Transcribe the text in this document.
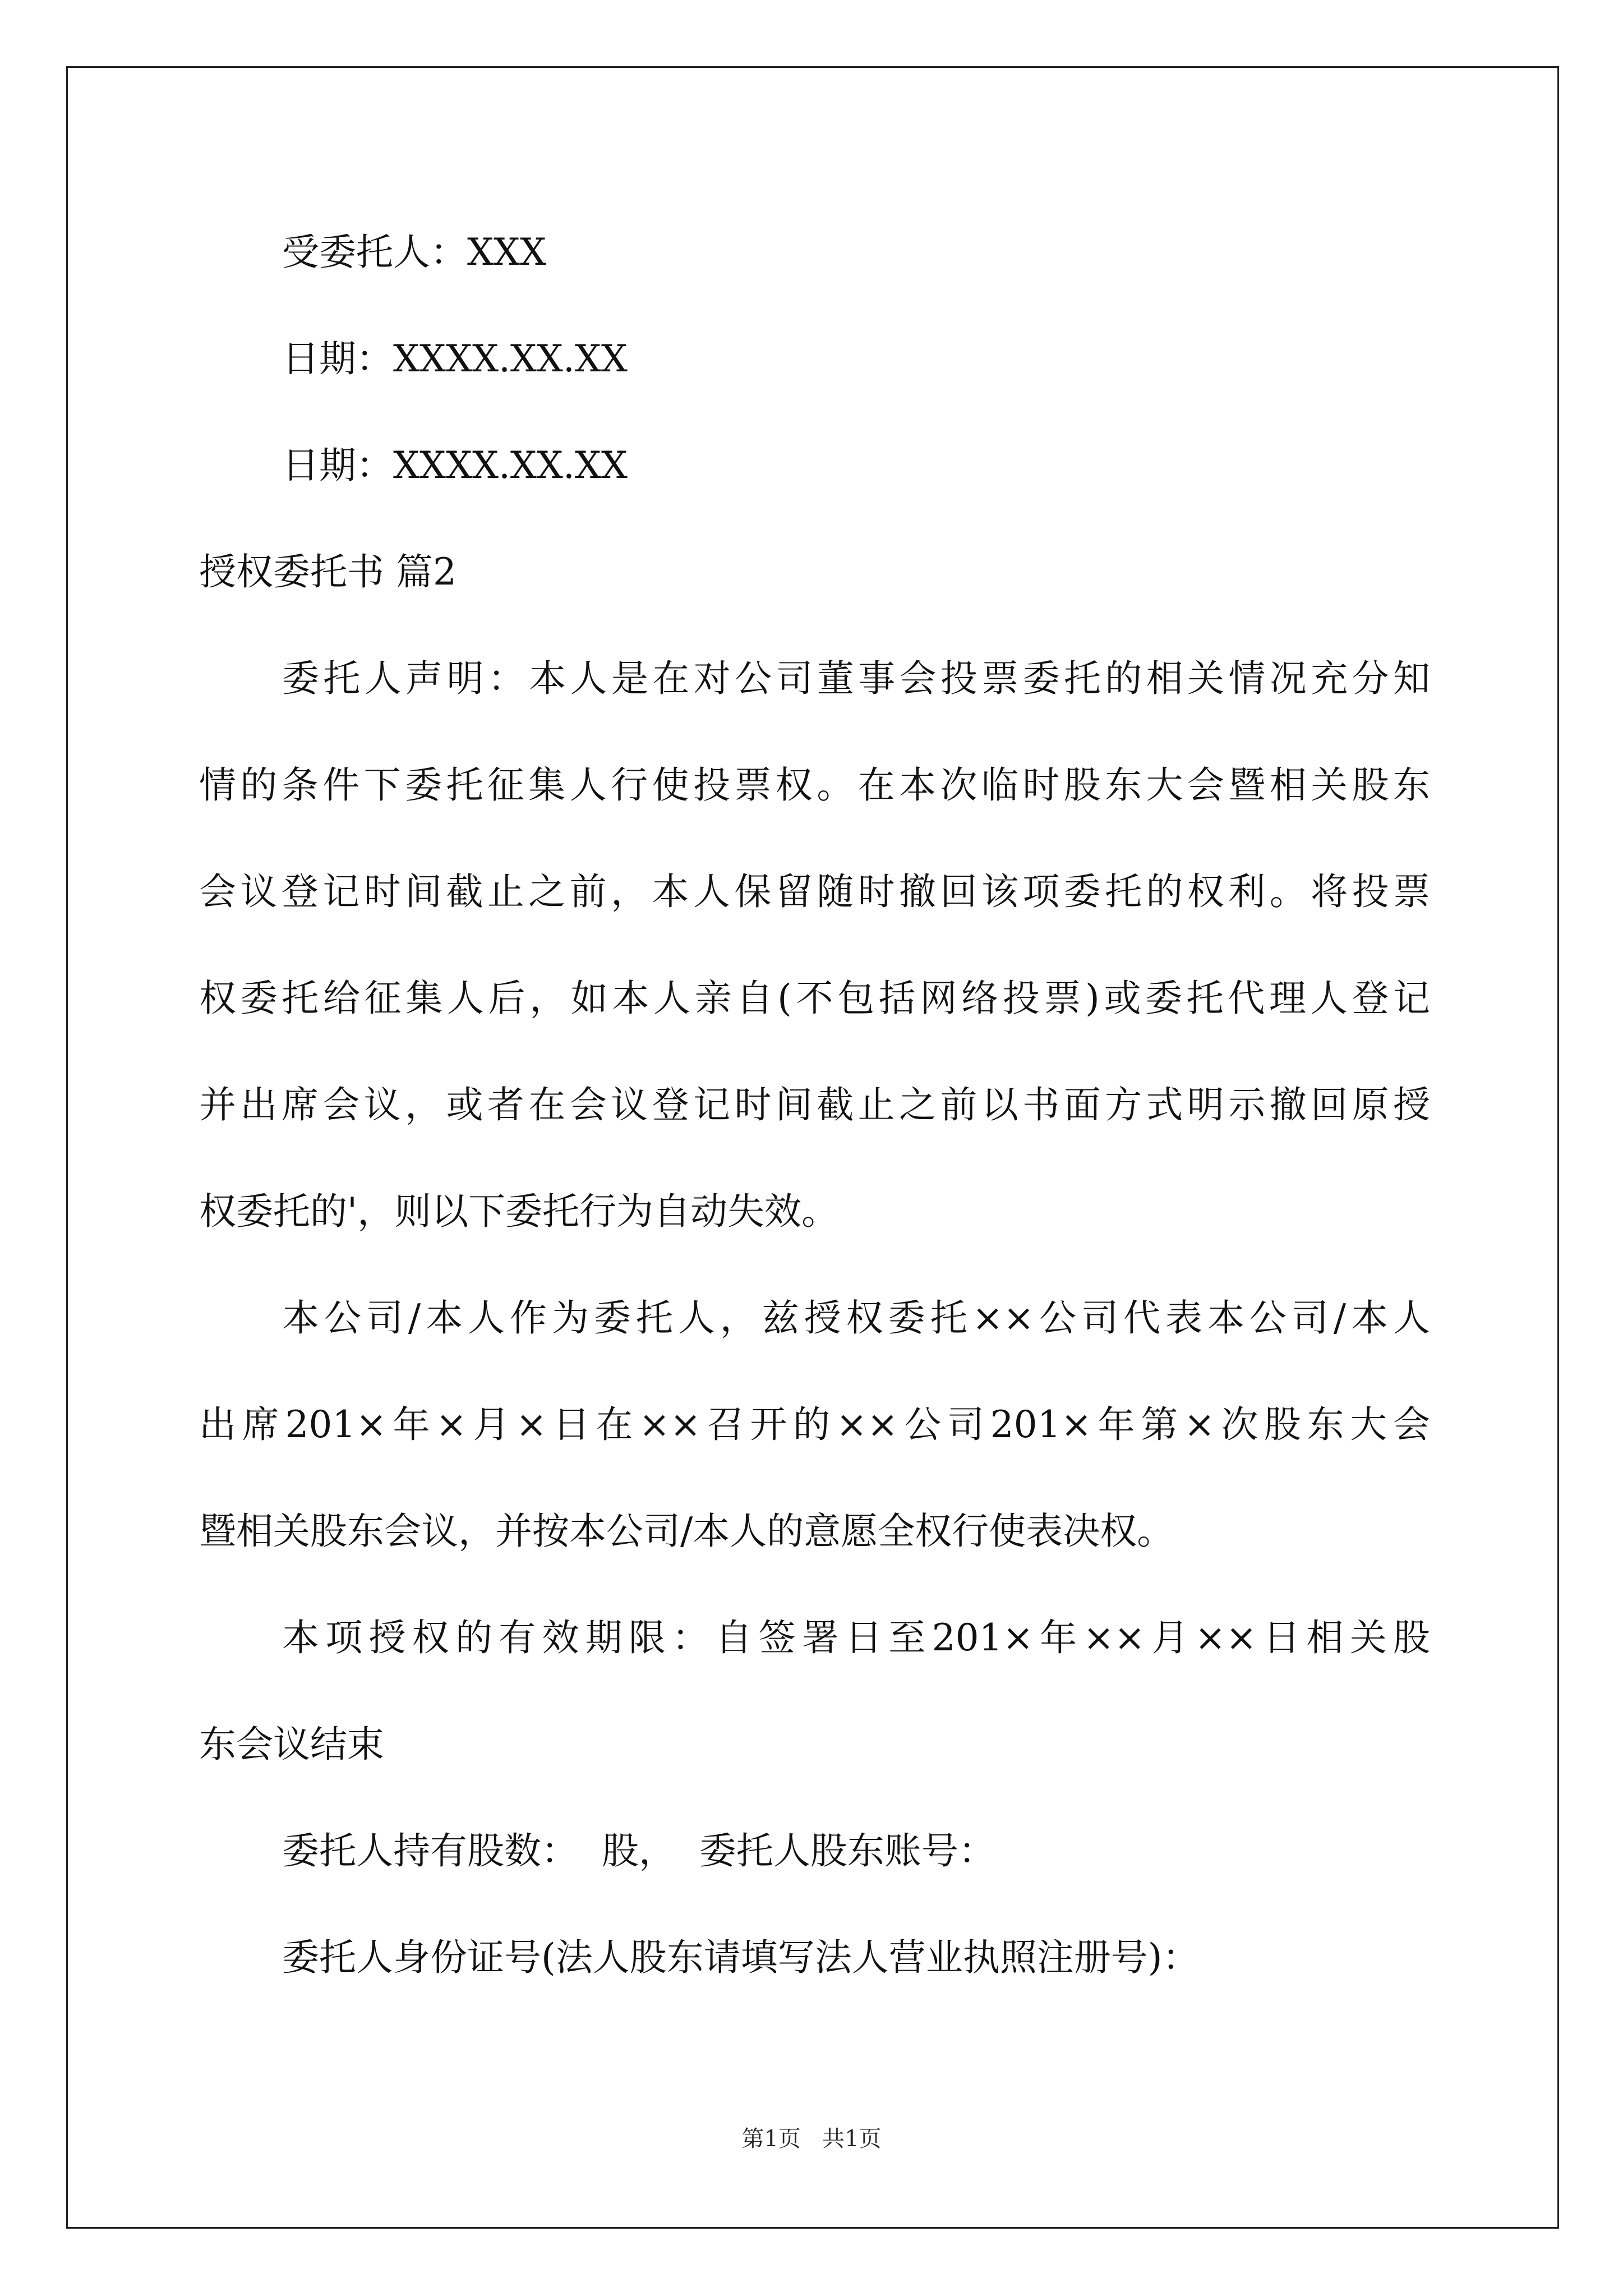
受委托人：XXX
日期：XXXX.XX.XX
日期：XXXX.XX.XX
授权委托书 篇2
委托人声明：本人是在对公司董事会投票委托的相关情况充分知
情的条件下委托征集人行使投票权。在本次临时股东大会暨相关股东
会议登记时间截止之前，本人保留随时撤回该项委托的权利。将投票
权委托给征集人后，如本人亲自(不包括网络投票)或委托代理人登记
并出席会议，或者在会议登记时间截止之前以书面方式明示撤回原授
权委托的'，则以下委托行为自动失效。
本公司/本人作为委托人，兹授权委托××公司代表本公司/本人
出席201×年×月×日在××召开的××公司201×年第×次股东大会
暨相关股东会议，并按本公司/本人的意愿全权行使表决权。
本项授权的有效期限：自签署日至201×年××月××日相关股
东会议结束
委托人持有股数：  股，  委托人股东账号：
委托人身份证号(法人股东请填写法人营业执照注册号)：
第1页   共1页
